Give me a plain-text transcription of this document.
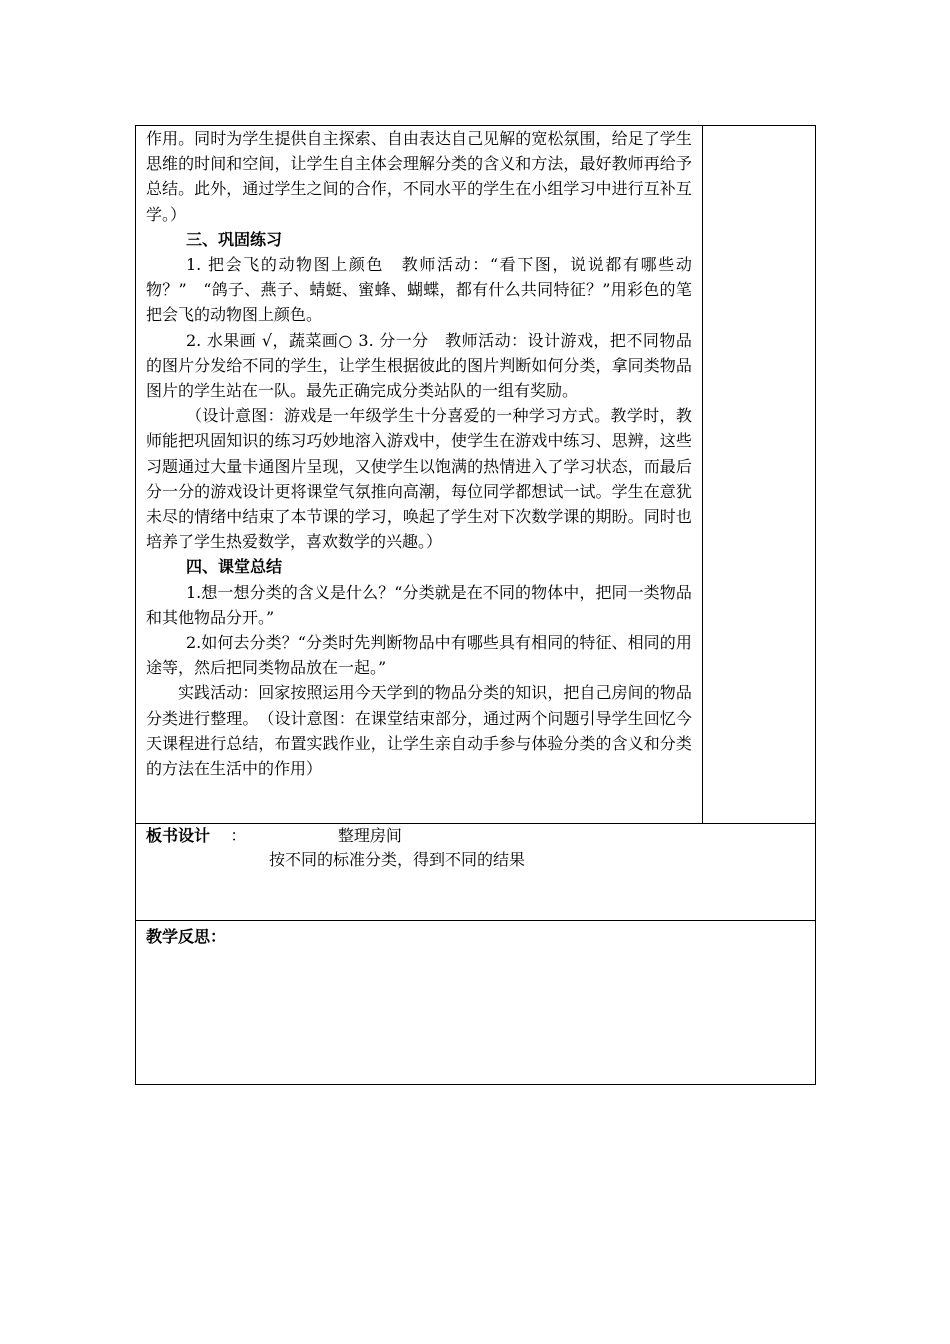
作用。同时为学生提供自主探索、自由表达自己见解的宽松氛围，给足了学生思维的时间和空间，让学生自主体会理解分类的含义和方法，最好教师再给予总结。此外，通过学生之间的合作，不同水平的学生在小组学习中进行互补互学。）

三、巩固练习

1. 把会飞的动物图上颜色　教师活动：“看下图，说说都有哪些动物？”　“鸽子、燕子、蜻蜓、蜜蜂、蝴蝶，都有什么共同特征？”用彩色的笔把会飞的动物图上颜色。

2. 水果画 √，蔬菜画○ 3. 分一分　教师活动：设计游戏，把不同物品的图片分发给不同的学生，让学生根据彼此的图片判断如何分类，拿同类物品图片的学生站在一队。最先正确完成分类站队的一组有奖励。

（设计意图：游戏是一年级学生十分喜爱的一种学习方式。教学时，教师能把巩固知识的练习巧妙地溶入游戏中，使学生在游戏中练习、思辨，这些习题通过大量卡通图片呈现，又使学生以饱满的热情进入了学习状态，而最后分一分的游戏设计更将课堂气氛推向高潮，每位同学都想试一试。学生在意犹未尽的情绪中结束了本节课的学习，唤起了学生对下次数学课的期盼。同时也培养了学生热爱数学，喜欢数学的兴趣。）

四、课堂总结

1.想一想分类的含义是什么？“分类就是在不同的物体中，把同一类物品和其他物品分开。”

2.如何去分类？“分类时先判断物品中有哪些具有相同的特征、相同的用途等，然后把同类物品放在一起。”

实践活动：回家按照运用今天学到的物品分类的知识，把自己房间的物品分类进行整理。　（设计意图：在课堂结束部分，通过两个问题引导学生回忆今天课程进行总结，布置实践作业，让学生亲自动手参与体验分类的含义和分类的方法在生活中的作用）

板书设计 ：	整理房间
按不同的标准分类，得到不同的结果

教学反思：
